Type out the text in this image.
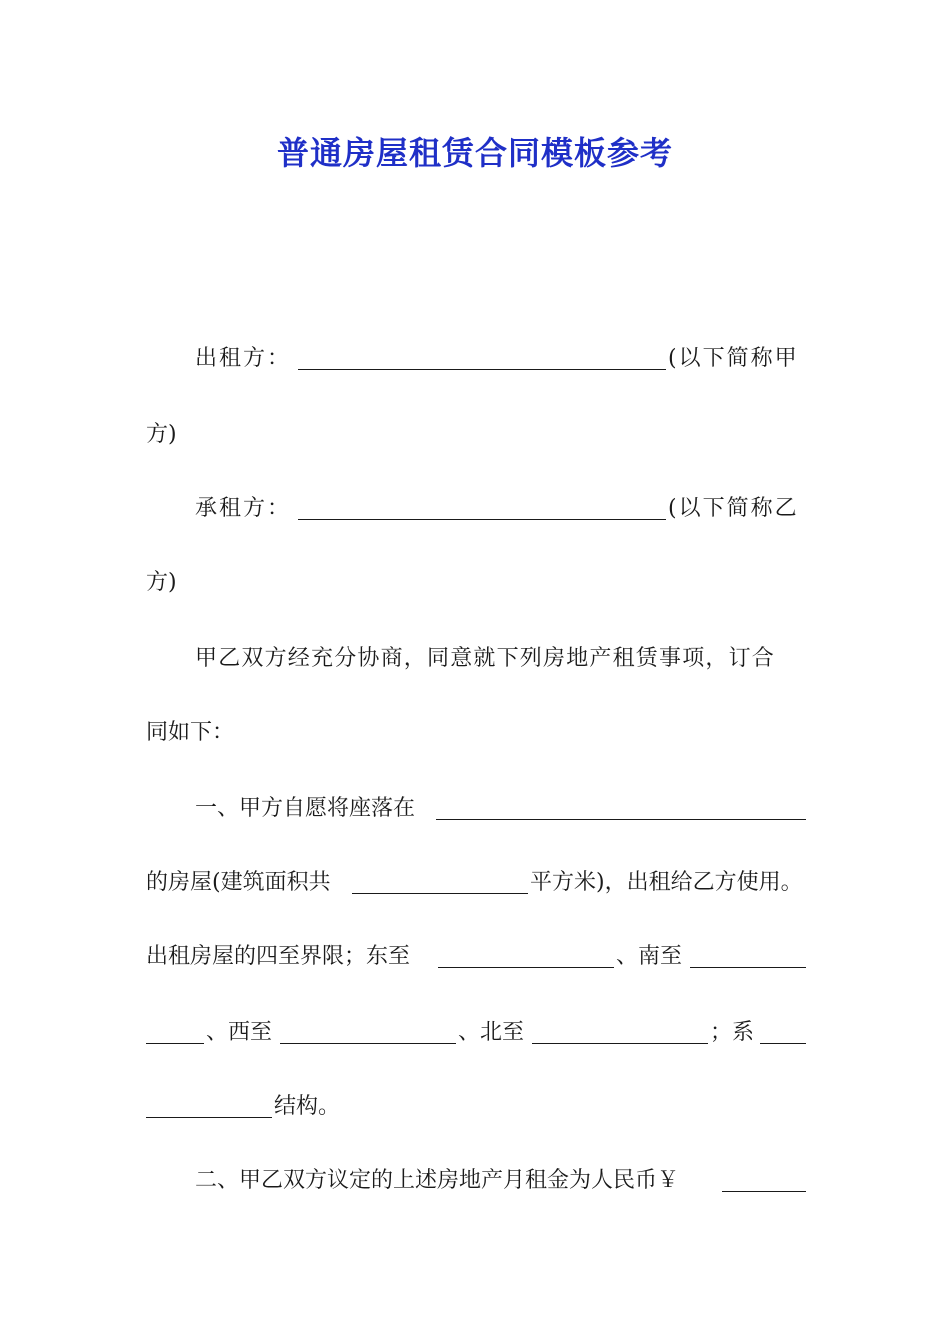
普通房屋租赁合同模板参考
出租方：	(以下简称甲
方)
承租方：	(以下简称乙
方)
甲乙双方经充分协商，同意就下列房地产租赁事项，订合
同如下：
一、甲方自愿将座落在
的房屋(建筑面积共	平方米)，出租给乙方使用。
出租房屋的四至界限；东至	、南至
、西至	、北至	；系
结构。
二、甲乙双方议定的上述房地产月租金为人民币￥
